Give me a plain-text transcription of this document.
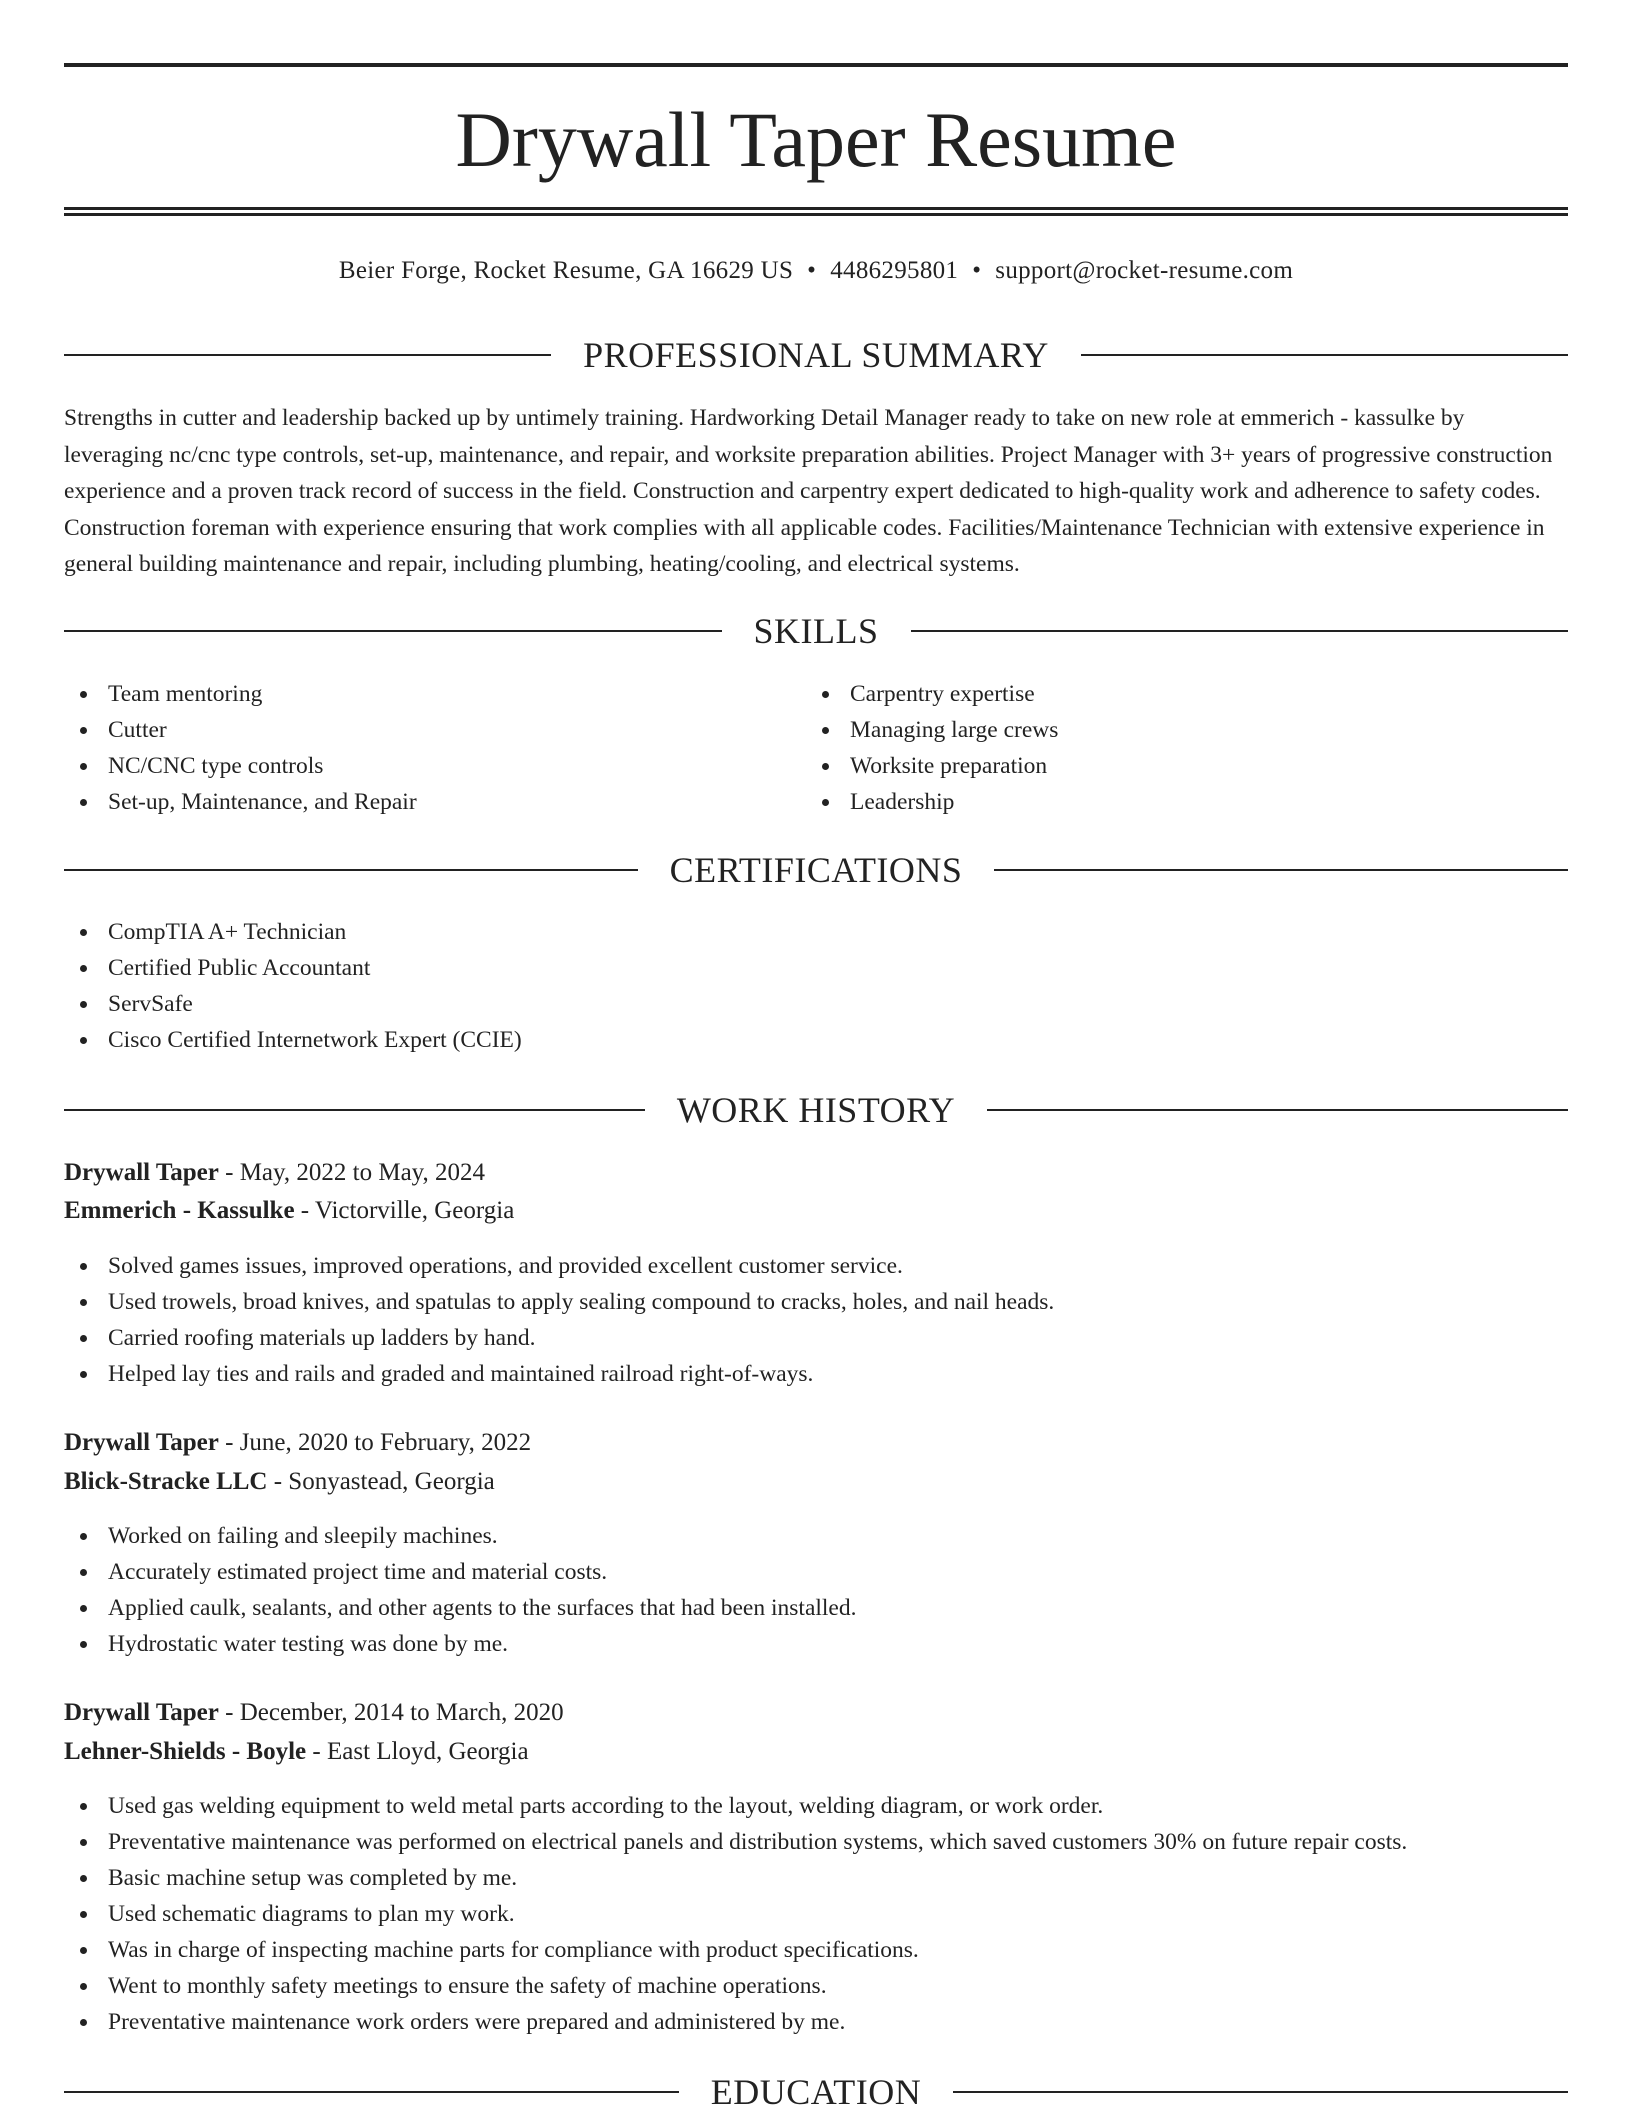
Drywall Taper Resume
Beier Forge, Rocket Resume, GA 16629 US • 4486295801 • support@rocket-resume.com
PROFESSIONAL SUMMARY

Strengths in cutter and leadership backed up by untimely training. Hardworking Detail Manager ready to take on new role at emmerich - kassulke by leveraging nc/cnc type controls, set-up, maintenance, and repair, and worksite preparation abilities. Project Manager with 3+ years of progressive construction experience and a proven track record of success in the field. Construction and carpentry expert dedicated to high-quality work and adherence to safety codes. Construction foreman with experience ensuring that work complies with all applicable codes. Facilities/Maintenance Technician with extensive experience in general building maintenance and repair, including plumbing, heating/cooling, and electrical systems.

SKILLS
Team mentoring
Cutter
NC/CNC type controls
Set-up, Maintenance, and Repair
Carpentry expertise
Managing large crews
Worksite preparation
Leadership
CERTIFICATIONS
CompTIA A+ Technician
Certified Public Accountant
ServSafe
Cisco Certified Internetwork Expert (CCIE)
WORK HISTORY
Drywall Taper - May, 2022 to May, 2024
Emmerich - Kassulke - Victorville, Georgia
Solved games issues, improved operations, and provided excellent customer service.
Used trowels, broad knives, and spatulas to apply sealing compound to cracks, holes, and nail heads.
Carried roofing materials up ladders by hand.
Helped lay ties and rails and graded and maintained railroad right-of-ways.
Drywall Taper - June, 2020 to February, 2022
Blick-Stracke LLC - Sonyastead, Georgia
Worked on failing and sleepily machines.
Accurately estimated project time and material costs.
Applied caulk, sealants, and other agents to the surfaces that had been installed.
Hydrostatic water testing was done by me.
Drywall Taper - December, 2014 to March, 2020
Lehner-Shields - Boyle - East Lloyd, Georgia
Used gas welding equipment to weld metal parts according to the layout, welding diagram, or work order.
Preventative maintenance was performed on electrical panels and distribution systems, which saved customers 30% on future repair costs.
Basic machine setup was completed by me.
Used schematic diagrams to plan my work.
Was in charge of inspecting machine parts for compliance with product specifications.
Went to monthly safety meetings to ensure the safety of machine operations.
Preventative maintenance work orders were prepared and administered by me.
EDUCATION
